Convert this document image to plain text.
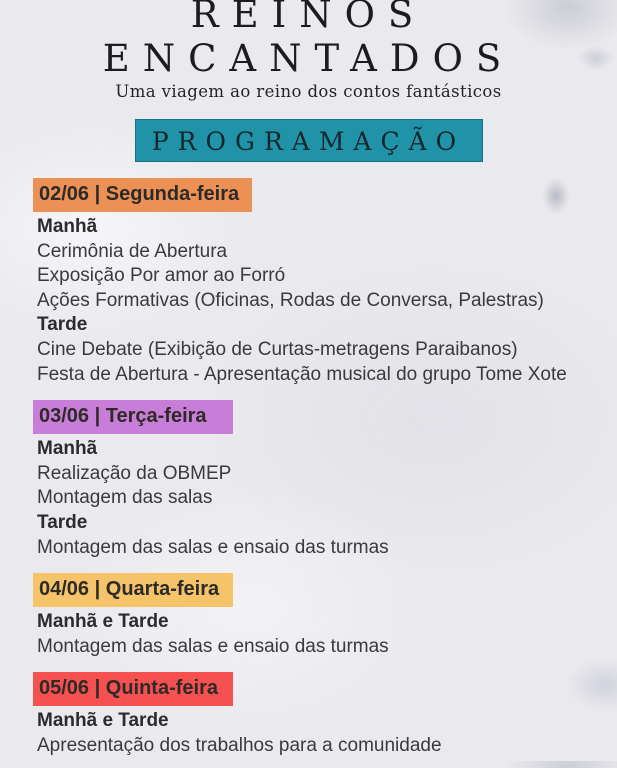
REINOS
ENCANTADOS

Uma viagem ao reino dos contos fantásticos

PROGRAMAÇÃO
02/06 | Segunda-feira

Manhã

Cerimônia de Abertura

Exposição Por amor ao Forró

Ações Formativas (Oficinas, Rodas de Conversa, Palestras)

Tarde

Cine Debate (Exibição de Curtas-metragens Paraibanos)

Festa de Abertura - Apresentação musical do grupo Tome Xote

03/06 | Terça-feira

Manhã

Realização da OBMEP

Montagem das salas

Tarde

Montagem das salas e ensaio das turmas

04/06 | Quarta-feira

Manhã e Tarde

Montagem das salas e ensaio das turmas

05/06 | Quinta-feira

Manhã e Tarde

Apresentação dos trabalhos para a comunidade
